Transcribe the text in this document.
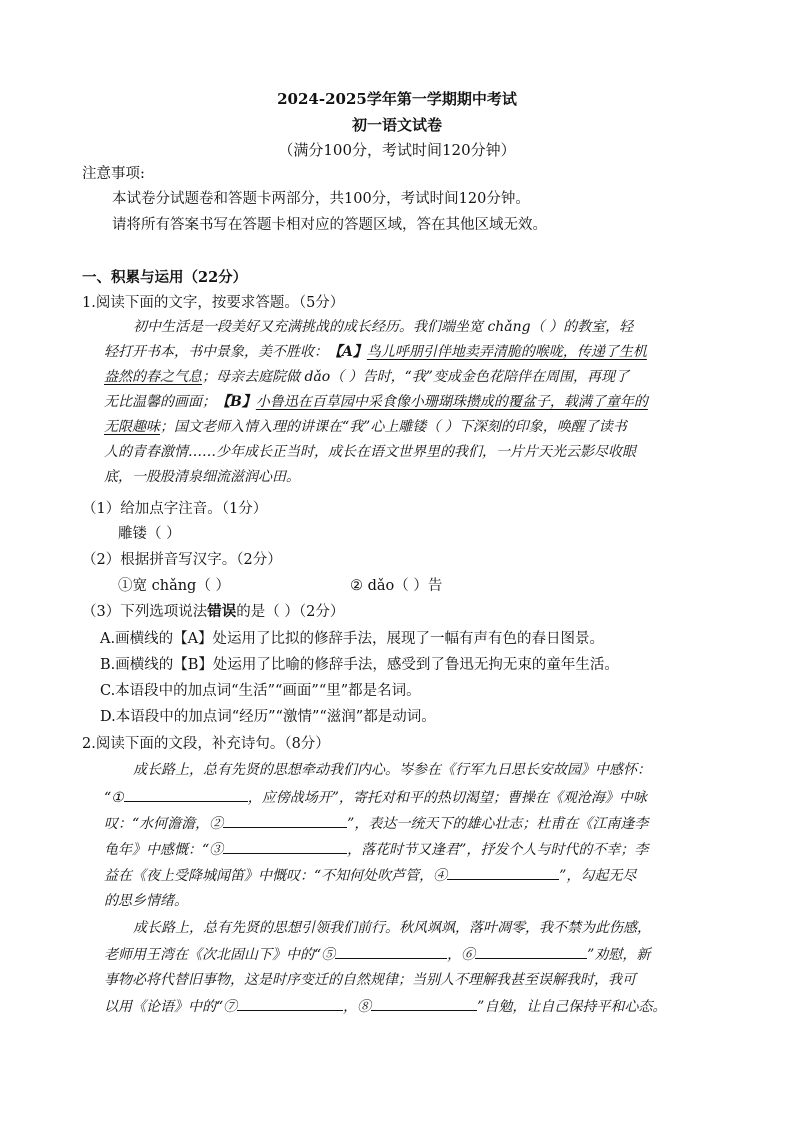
2024-2025学年第一学期期中考试
初一语文试卷
（满分100分，考试时间120分钟）
注意事项:
本试卷分试题卷和答题卡两部分，共100分，考试时间120分钟。
请将所有答案书写在答题卡相对应的答题区域，答在其他区域无效。
一、积累与运用（22分）
1.阅读下面的文字，按要求答题。（5分）
初中生活是一段美好又充满挑战的成长经历。我们端坐宽 chǎng（ ）的教室，轻
轻打开书本，书中景象，美不胜收：【A】鸟儿呼朋引伴地卖弄清脆的喉咙，传递了生机
盎然的春之气息；母亲去庭院做 dǎo（ ）告时，“我”变成金色花陪伴在周围，再现了
无比温馨的画面；【B】小鲁迅在百草园中采食像小珊瑚珠攒成的覆盆子，载满了童年的
无限趣味；国文老师入情入理的讲课在“我”心上雕镂（ ）下深刻的印象，唤醒了读书
人的青春激情……少年成长正当时，成长在语文世界里的我们，一片片天光云影尽收眼
底，一股股清泉细流滋润心田。
（1）给加点字注音。（1分）
雕镂（ ）
（2）根据拼音写汉字。（2分）
①宽 chǎng（ ）	② dǎo（ ）告
（3）下列选项说法错误的是（ ）（2分）
A.画横线的【A】处运用了比拟的修辞手法，展现了一幅有声有色的春日图景。
B.画横线的【B】处运用了比喻的修辞手法，感受到了鲁迅无拘无束的童年生活。
C.本语段中的加点词“生活”“画面”“里”都是名词。
D.本语段中的加点词“经历”“激情”“滋润”都是动词。
2.阅读下面的文段，补充诗句。（8分）
成长路上，总有先贤的思想牵动我们内心。岑参在《行军九日思长安故园》中感怀：
“①	，应傍战场开”，寄托对和平的热切渴望；曹操在《观沧海》中咏
叹：“水何澹澹，②	”，表达一统天下的雄心壮志；杜甫在《江南逢李
龟年》中感慨：“③	，落花时节又逢君”，抒发个人与时代的不幸；李
益在《夜上受降城闻笛》中慨叹：“不知何处吹芦管，④	”，勾起无尽
的思乡情绪。
成长路上，总有先贤的思想引领我们前行。秋风飒飒，落叶凋零，我不禁为此伤感，
老师用王湾在《次北固山下》中的“⑤	，⑥	”劝慰，新
事物必将代替旧事物，这是时序变迁的自然规律；当别人不理解我甚至误解我时，我可
以用《论语》中的“⑦	，⑧	”自勉，让自己保持平和心态。
